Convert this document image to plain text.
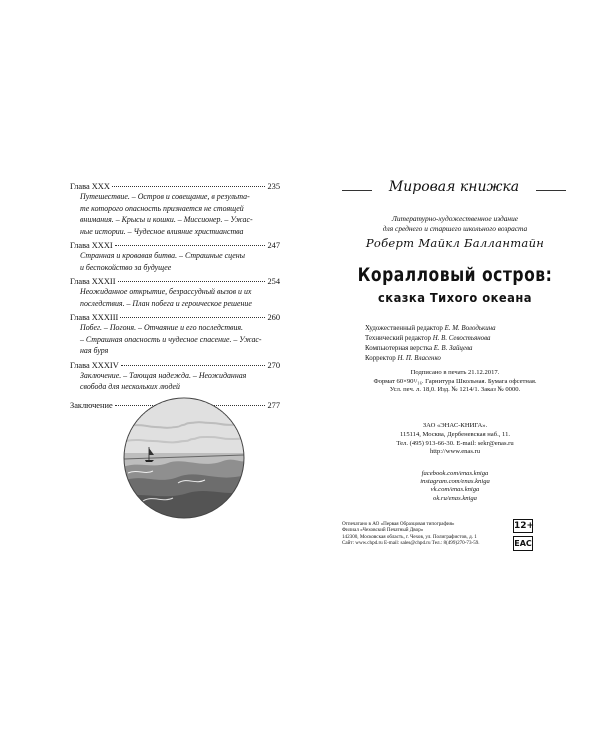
Глава XXX	235
Путешествие. – Остров и совещание, в результа-
те которого опасность признается не стоящей
внимания. – Крысы и кошки. – Миссионер. – Ужас-
ные истории. – Чудесное влияние христианства
Глава XXXI	247
Странная и кровавая битва. – Страшные сцены
и беспокойство за будущее
Глава XXXII	254
Неожиданное открытие, безрассудный вызов и их
последствия. – План побега и героическое решение
Глава XXXIII	260
Побег. – Погоня. – Отчаяние и его последствия.
– Страшная опасность и чудесное спасение. – Ужас-
ная буря
Глава XXXIV	270
Заключение. – Тающая надежда. – Неожиданная
свобода для нескольких людей
Заключение	277
Мировая книжка
Литературно-художественное издание
для среднего и старшего школьного возраста
Роберт Майкл Баллантайн
Коралловый остров:
сказка Тихого океана
Художественный редактор Е. М. Володькина
Технический редактор Н. В. Севостьянова
Компьютерная верстка Е. В. Зайцева
Корректор Н. П. Власенко
Подписано в печать 21.12.2017.
Формат 60×90¹/₁₆. Гарнитура Школьная. Бумага офсетная.
Усл. печ. л. 18,0. Изд. № 1214/1. Заказ № 0000.
ЗАО «ЭНАС-КНИГА».
115114, Москва, Дербеневская наб., 11.
Тел. (495) 913-66-30. E-mail: sekr@enas.ru
http://www.enas.ru
facebook.com/enas.kniga
instagram.com/enas.kniga
vk.com/enas.kniga
ok.ru/enas.kniga
Отпечатано в АО «Первая Образцовая типография»
Филиал «Чеховский Печатный Двор»
142300, Московская область, г. Чехов, ул. Полиграфистов, д. 1
Сайт: www.chpd.ru E-mail: sales@chpd.ru Тел.: 8(499)270-73-59.
12+
EAC
